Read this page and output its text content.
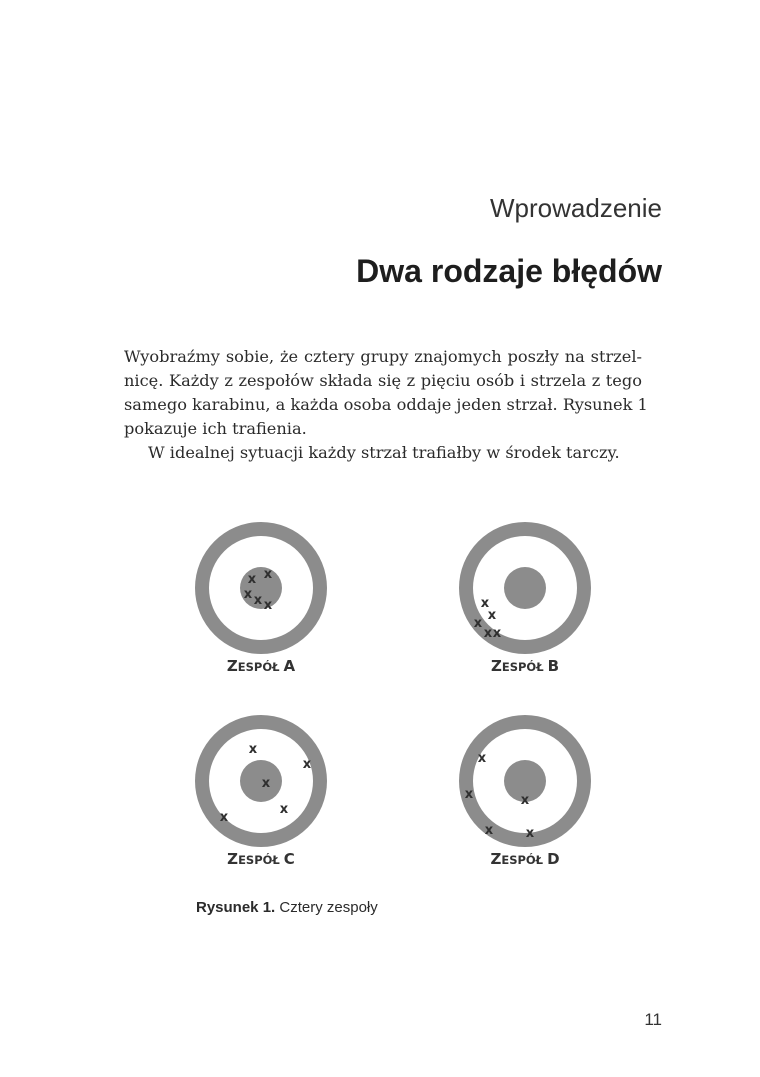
Wprowadzenie
Dwa rodzaje błędów

Wyobraźmy sobie, że cztery grupy znajomych poszły na strzel-
nicę. Każdy z zespołów składa się z pięciu osób i strzela z tego
samego karabinu, a każda osoba oddaje jeden strzał. Rysunek 1
pokazuje ich trafienia.

W idealnej sytuacji każdy strzał trafiałby w środek tarczy.

x x
x x x
ZESPÓŁ A
x
x
x
x x
ZESPÓŁ B
x
x
x
x
x
ZESPÓŁ C
x
x	x
x	x
ZESPÓŁ D

Rysunek 1. Cztery zespoły

11
